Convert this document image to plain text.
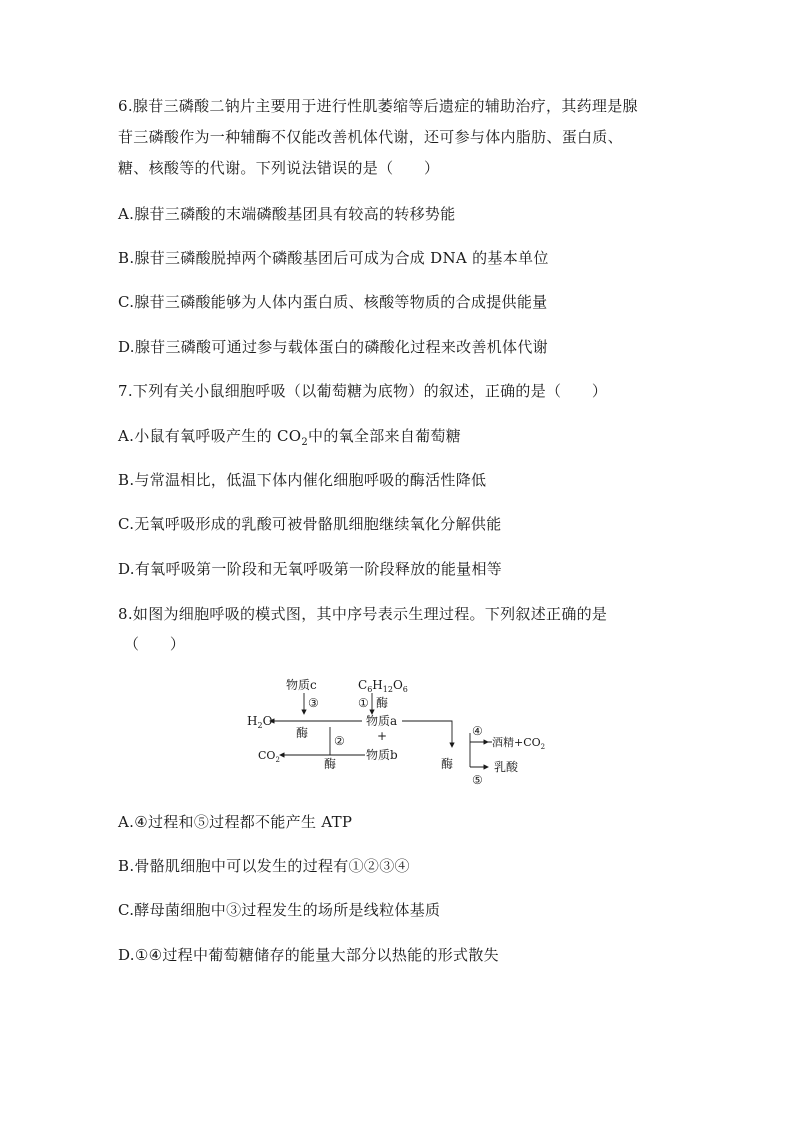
6.腺苷三磷酸二钠片主要用于进行性肌萎缩等后遗症的辅助治疗，其药理是腺
苷三磷酸作为一种辅酶不仅能改善机体代谢，还可参与体内脂肪、蛋白质、
糖、核酸等的代谢。下列说法错误的是（　　）
A.腺苷三磷酸的末端磷酸基团具有较高的转移势能
B.腺苷三磷酸脱掉两个磷酸基团后可成为合成 DNA 的基本单位
C.腺苷三磷酸能够为人体内蛋白质、核酸等物质的合成提供能量
D.腺苷三磷酸可通过参与载体蛋白的磷酸化过程来改善机体代谢
7.下列有关小鼠细胞呼吸（以葡萄糖为底物）的叙述，正确的是（　　）
A.小鼠有氧呼吸产生的 $CO_2$中的氧全部来自葡萄糖
B.与常温相比，低温下体内催化细胞呼吸的酶活性降低
C.无氧呼吸形成的乳酸可被骨骼肌细胞继续氧化分解供能
D.有氧呼吸第一阶段和无氧呼吸第一阶段释放的能量相等
8.如图为细胞呼吸的模式图，其中序号表示生理过程。下列叙述正确的是
（　　）
物质c	$C_6H_{12}O_6$
③	① 酶
$H_2O$	物质a
酶	+
②
④
酒精$+CO_2$
$CO_2$	物质b
酶	酶	乳酸
⑤
A.④过程和⑤过程都不能产生 ATP
B.骨骼肌细胞中可以发生的过程有①②③④
C.酵母菌细胞中③过程发生的场所是线粒体基质
D.①④过程中葡萄糖储存的能量大部分以热能的形式散失
